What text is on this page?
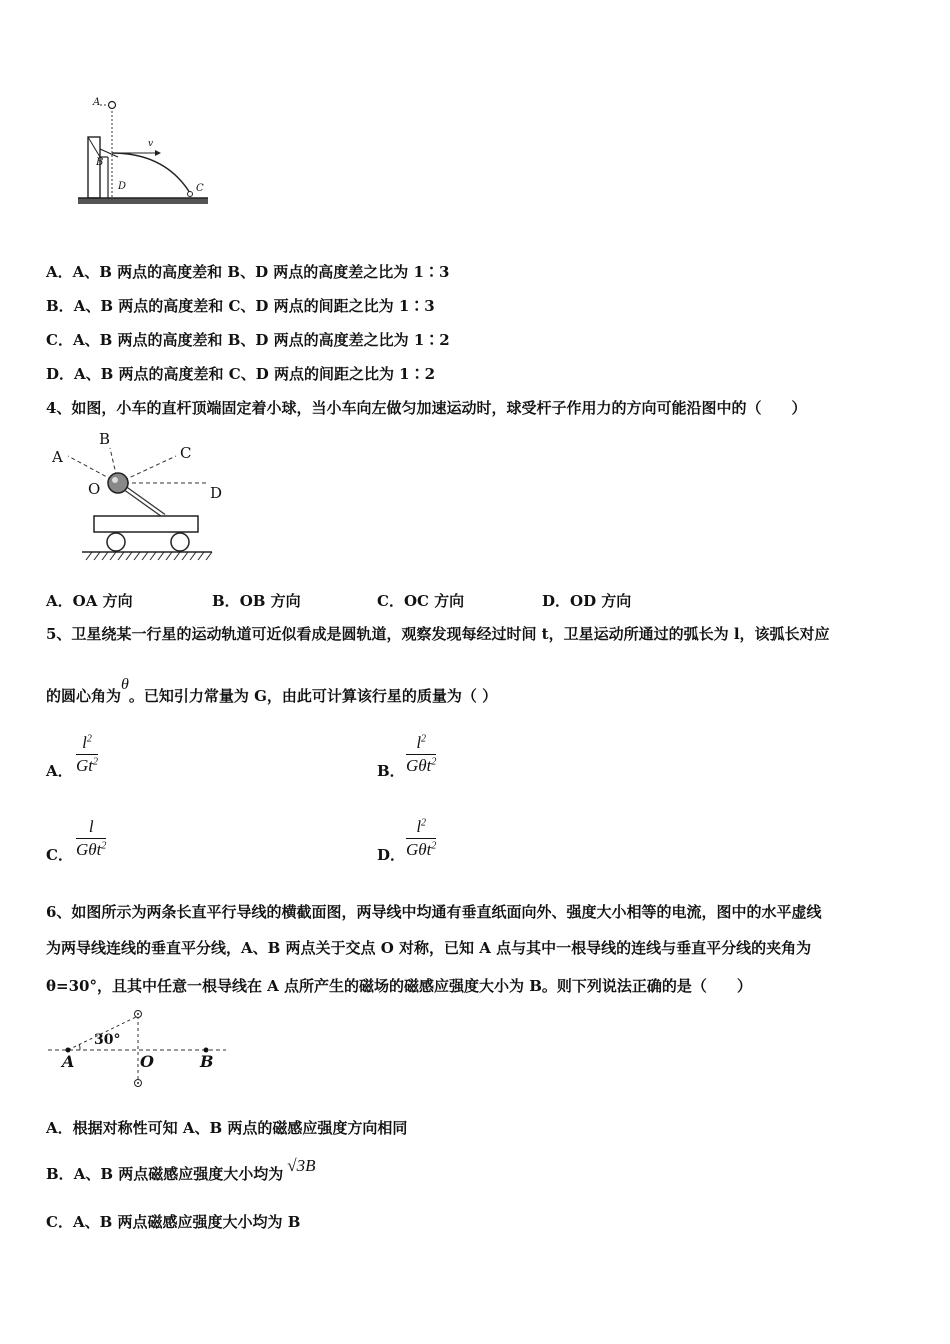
A
B
v
D	C
A．A、B 两点的高度差和 B、D 两点的高度差之比为 1∶3
B．A、B 两点的高度差和 C、D 两点的间距之比为 1∶3
C．A、B 两点的高度差和 B、D 两点的高度差之比为 1∶2
D．A、B 两点的高度差和 C、D 两点的间距之比为 1∶2
4、如图，小车的直杆顶端固定着小球，当小车向左做匀加速运动时，球受杆子作用力的方向可能沿图中的（　　）
A
B
C
O	D
A．OA 方向	B．OB 方向	C．OC 方向	D．OD 方向
5、卫星绕某一行星的运动轨道可近似看成是圆轨道，观察发现每经过时间 t，卫星运动所通过的弧长为 l，该弧长对应
的圆心角为θ。已知引力常量为 G，由此可计算该行星的质量为（ ）
A． $\frac{l^2}{Gt^2}$	B．
$l^2$
Gθt$^2$
C．
l
Gθt$^2$
D．
$l^2$
Gθt$^2$
6、如图所示为两条长直平行导线的横截面图，两导线中均通有垂直纸面向外、强度大小相等的电流，图中的水平虚线
为两导线连线的垂直平分线，A、B 两点关于交点 O 对称，已知 A 点与其中一根导线的连线与垂直平分线的夹角为
θ=30°，且其中任意一根导线在 A 点所产生的磁场的磁感应强度大小为 B。则下列说法正确的是（　　）
30°
A	O	B
A．根据对称性可知 A、B 两点的磁感应强度方向相同
B．A、B 两点磁感应强度大小均为 √3B
C．A、B 两点磁感应强度大小均为 B
